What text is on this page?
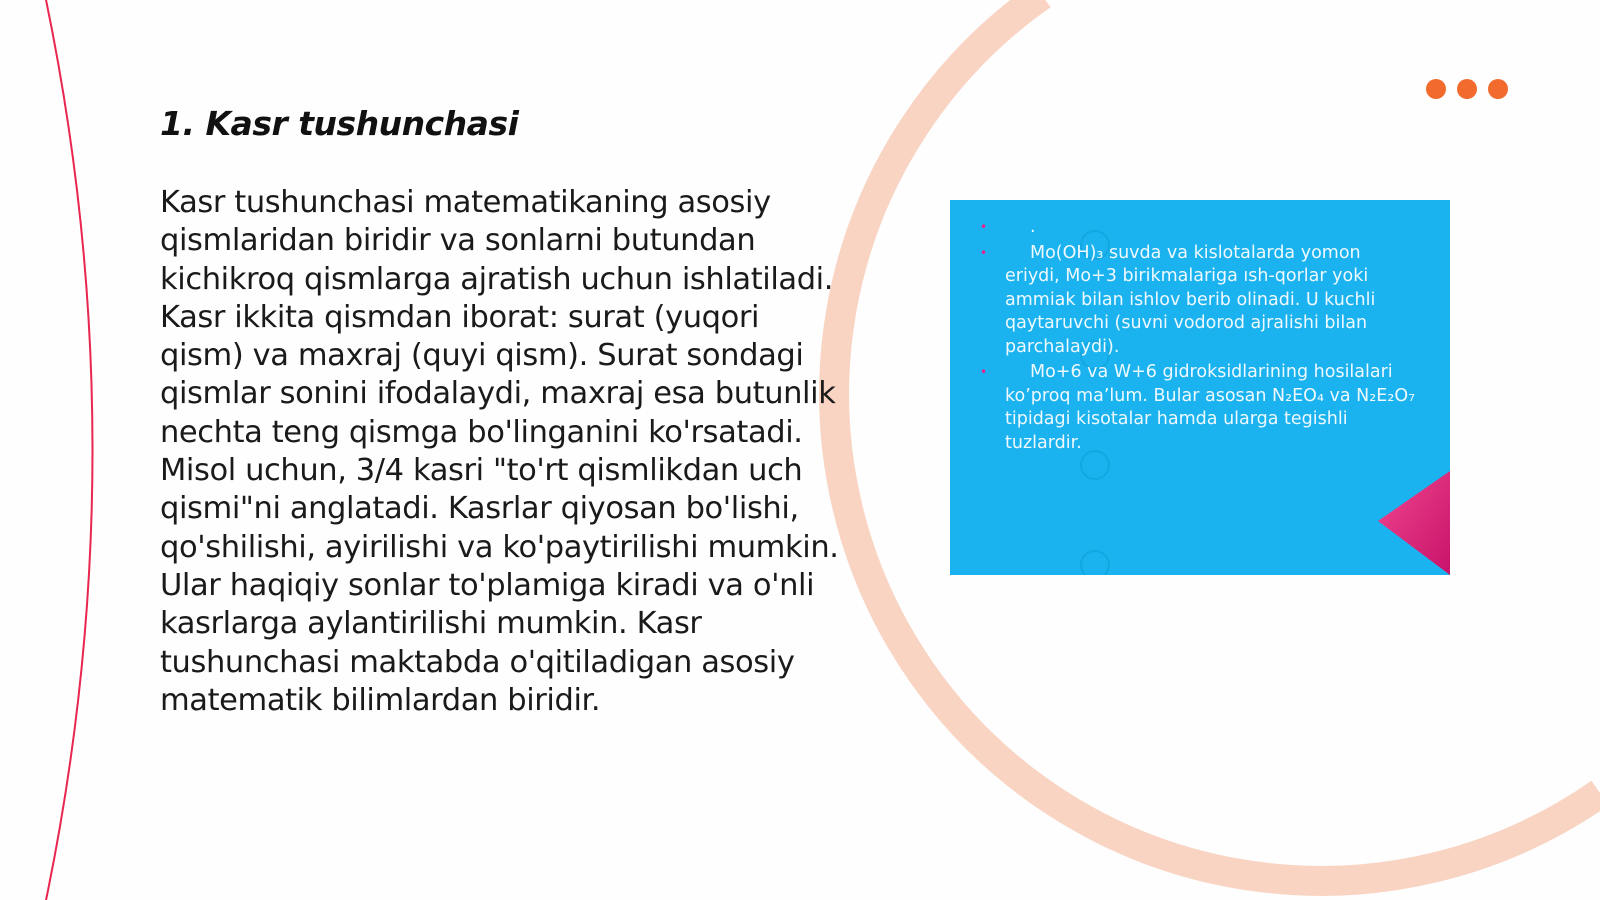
1. Kasr tushunchasi

Kasr tushunchasi matematikaning asosiy qismlaridan biridir va sonlarni butundan kichikroq qismlarga ajratish uchun ishlatiladi. Kasr ikkita qismdan iborat: surat (yuqori qism) va maxraj (quyi qism). Surat sondagi qismlar sonini ifodalaydi, maxraj esa butunlik nechta teng qismga bo'linganini ko'rsatadi. Misol uchun, 3/4 kasri "to'rt qismlikdan uch qismi"ni anglatadi. Kasrlar qiyosan bo'lishi, qo'shilishi, ayirilishi va ko'paytirilishi mumkin. Ular haqiqiy sonlar to'plamiga kiradi va o'nli kasrlarga aylantirilishi mumkin. Kasr tushunchasi maktabda o'qitiladigan asosiy matematik bilimlardan biridir.

• .
• Mo(OH)₃ suvda va kislotalarda yomon eriydi, Mo+3 birikmalariga ısh-qorlar yoki ammiak bilan ishlov berib olinadi. U kuchli qaytaruvchi (suvni vodorod ajralishi bilan parchalaydi).
• Mo+6 va W+6 gidroksidlarining hosilalari ko’proq ma’lum. Bular asosan N₂EO₄ va N₂E₂O₇ tipidagi kisotalar hamda ularga tegishli tuzlardir.
